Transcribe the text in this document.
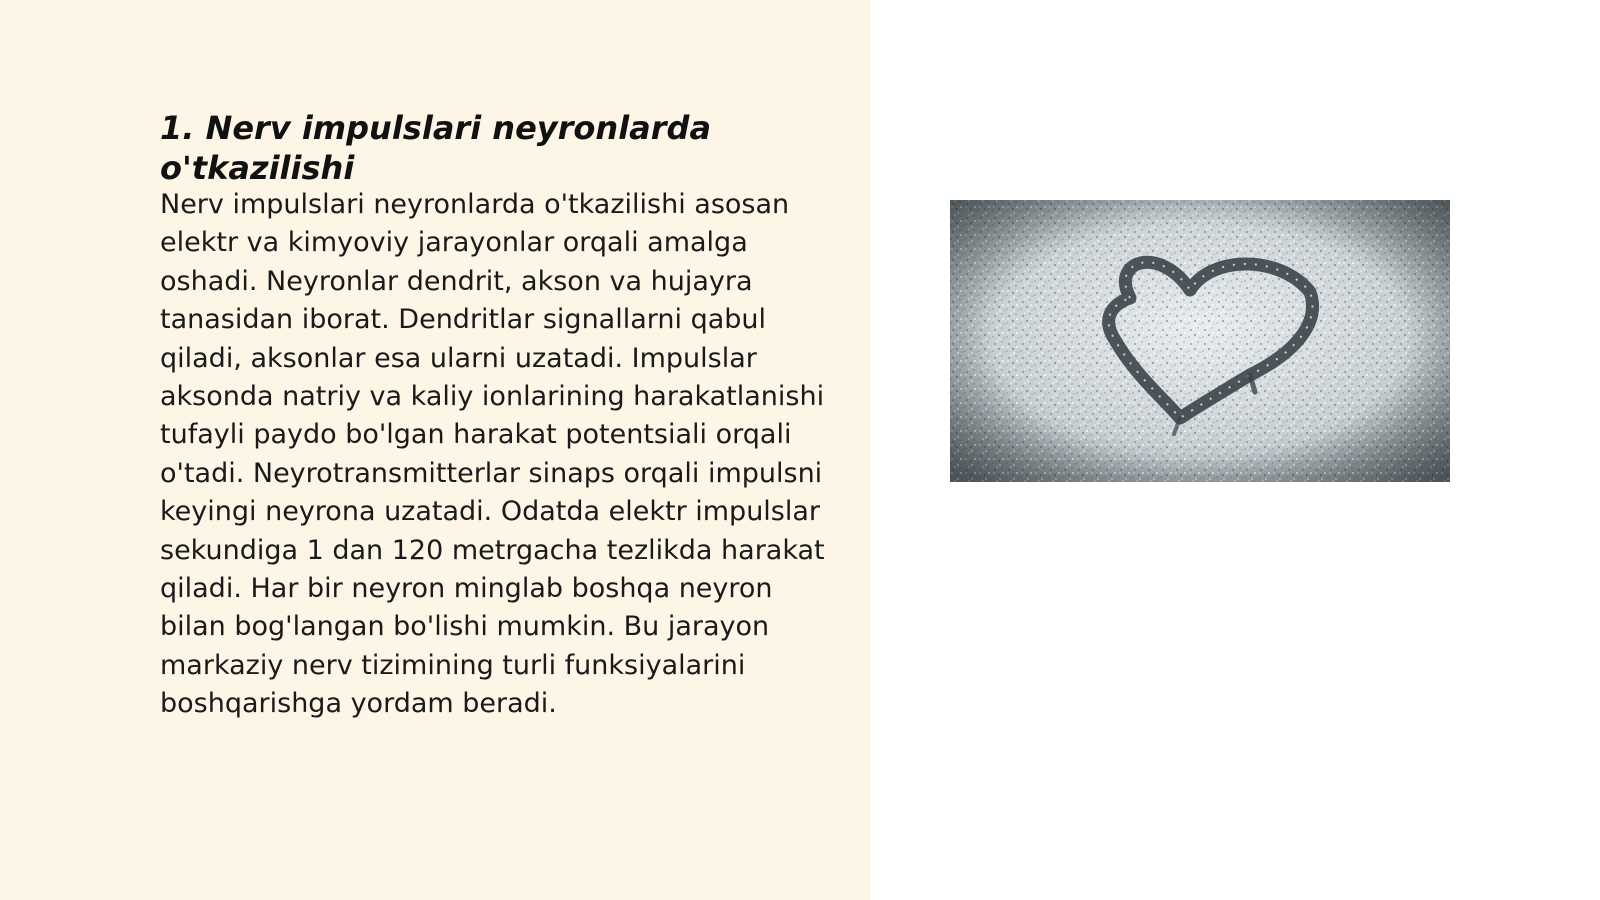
1. Nerv impulslari neyronlarda o'tkazilishi

Nerv impulslari neyronlarda o'tkazilishi asosan elektr va kimyoviy jarayonlar orqali amalga oshadi. Neyronlar dendrit, akson va hujayra tanasidan iborat. Dendritlar signallarni qabul qiladi, aksonlar esa ularni uzatadi. Impulslar aksonda natriy va kaliy ionlarining harakatlanishi tufayli paydo bo'lgan harakat potentsiali orqali o'tadi. Neyrotransmitterlar sinaps orqali impulsni keyingi neyrona uzatadi. Odatda elektr impulslar sekundiga 1 dan 120 metrgacha tezlikda harakat qiladi. Har bir neyron minglab boshqa neyron bilan bog'langan bo'lishi mumkin. Bu jarayon markaziy nerv tizimining turli funksiyalarini boshqarishga yordam beradi.
